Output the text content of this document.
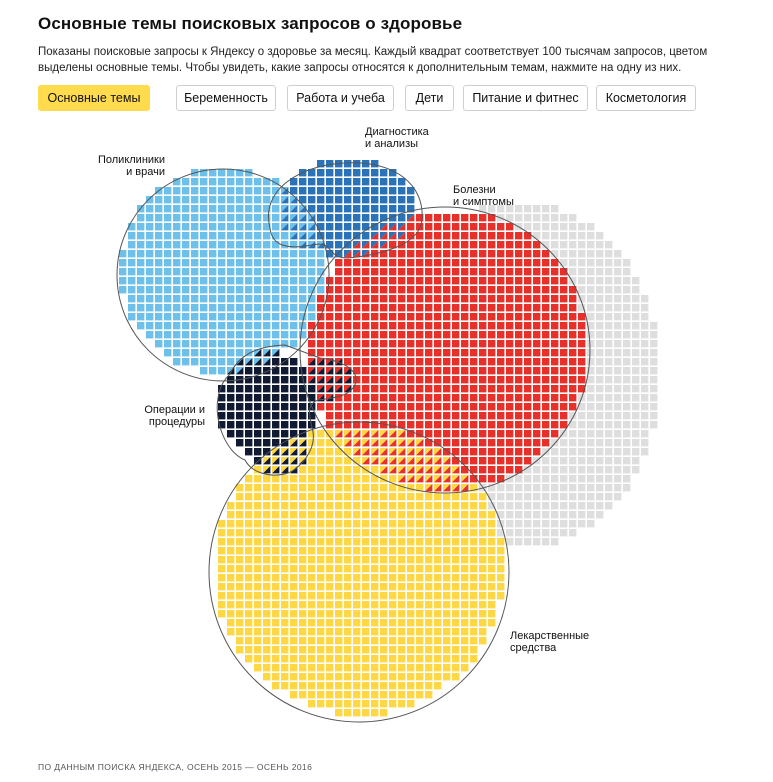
Основные темы поисковых запросов о здоровье

Показаны поисковые запросы к Яндексу о здоровье за месяц. Каждый квадрат соответствует 100 тысячам запросов, цветом выделены основные темы. Чтобы увидеть, какие запросы относятся к дополнительным темам, нажмите на одну из них.

Основные темы	Беременность	Работа и учеба	Дети	Питание и фитнес	Косметология
Поликлиники
и врачи
Диагностика
и анализы
Болезни
и симптомы
Операции и
процедуры
Лекарственные
средства

ПО ДАННЫМ ПОИСКА ЯНДЕКСА, ОСЕНЬ 2015 — ОСЕНЬ 2016
